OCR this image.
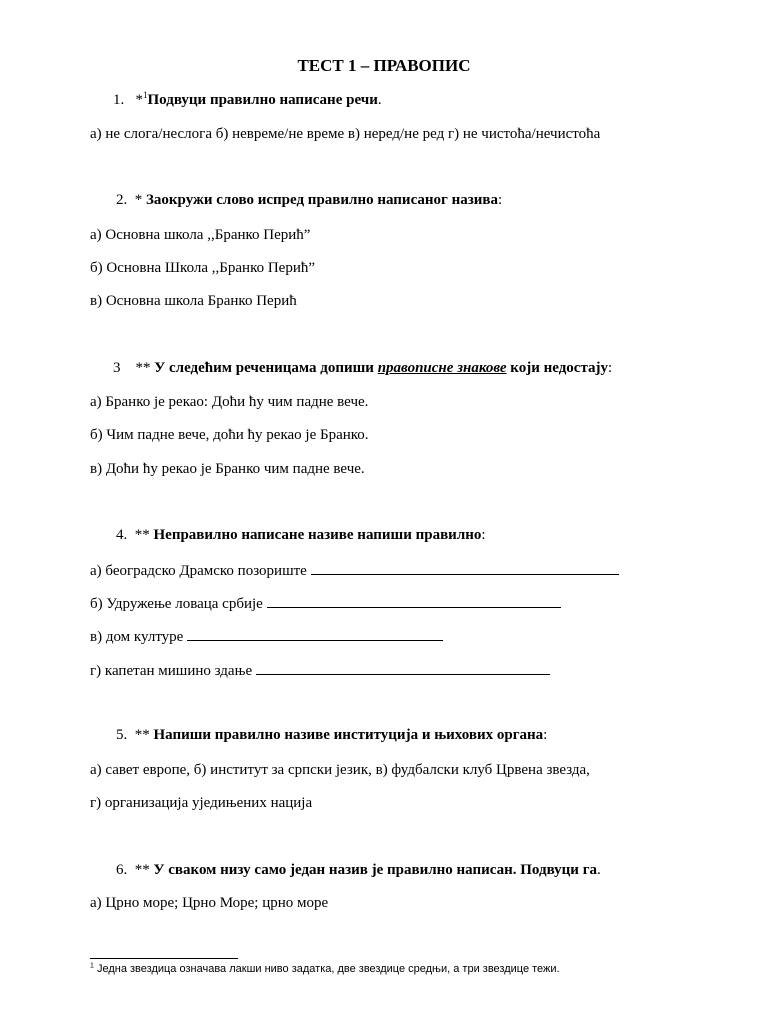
ТЕСТ 1 – ПРАВОПИС
1. *$^1$Подвуци правилно написане речи.
а) не слога/неслога б) невреме/не време в) неред/не ред г) не чистоћа/нечистоћа
2. * Заокружи слово испред правилно написаног назива:
а) Основна школа ,,Бранко Перић”
б) Основна Школа ,,Бранко Перић”
в) Основна школа Бранко Перић
3 ** У следећим реченицама допиши правописне знакове који недостају:
а) Бранко је рекао: Доћи ћу чим падне вече.
б) Чим падне вече, доћи ћу рекао је Бранко.
в) Доћи ћу рекао је Бранко чим падне вече.
4. ** Неправилно написане називе напиши правилно:
а) београдско Драмско позориште
б) Удружење ловаца србије
в) дом културе
г) капетан мишино здање
5. ** Напиши правилно називе институција и њихових органа:
а) савет европе, б) институт за српски језик, в) фудбалски клуб Црвена звезда,
г) организација уједињених нација
6. ** У сваком низу само један назив је правилно написан. Подвуци га.
а) Црно море; Црно Море; црно море
$^1$ Једна звездица означава лакши ниво задатка, две звездице средњи, а три звездице тежи.
